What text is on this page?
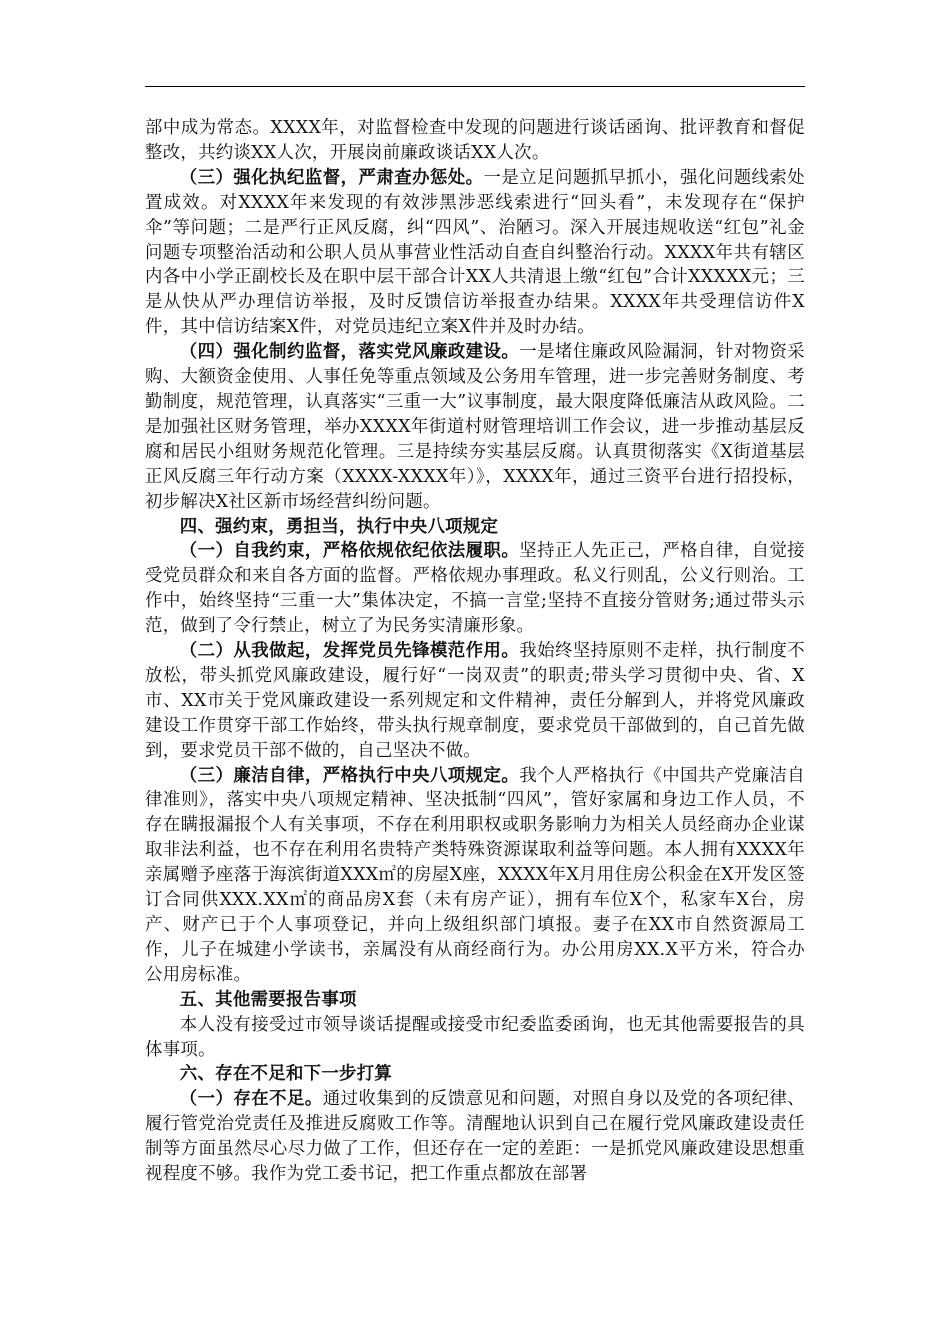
部中成为常态。XXXX年，对监督检查中发现的问题进行谈话函询、批评教育和督促整改，共约谈XX人次，开展岗前廉政谈话XX人次。

（三）强化执纪监督，严肃查办惩处。一是立足问题抓早抓小，强化问题线索处置成效。对XXXX年来发现的有效涉黑涉恶线索进行“回头看”，未发现存在“保护伞”等问题；二是严行正风反腐，纠“四风”、治陋习。深入开展违规收送“红包”礼金问题专项整治活动和公职人员从事营业性活动自查自纠整治行动。XXXX年共有辖区内各中小学正副校长及在职中层干部合计XX人共清退上缴“红包”合计XXXXX元；三是从快从严办理信访举报，及时反馈信访举报查办结果。XXXX年共受理信访件X件，其中信访结案X件，对党员违纪立案X件并及时办结。

（四）强化制约监督，落实党风廉政建设。一是堵住廉政风险漏洞，针对物资采购、大额资金使用、人事任免等重点领域及公务用车管理，进一步完善财务制度、考勤制度，规范管理，认真落实“三重一大”议事制度，最大限度降低廉洁从政风险。二是加强社区财务管理，举办XXXX年街道村财管理培训工作会议，进一步推动基层反腐和居民小组财务规范化管理。三是持续夯实基层反腐。认真贯彻落实《X街道基层正风反腐三年行动方案（XXXX-XXXX年）》，XXXX年，通过三资平台进行招投标，初步解决X社区新市场经营纠纷问题。

四、强约束，勇担当，执行中央八项规定

（一）自我约束，严格依规依纪依法履职。坚持正人先正己，严格自律，自觉接受党员群众和来自各方面的监督。严格依规办事理政。私义行则乱，公义行则治。工作中，始终坚持“三重一大”集体决定，不搞一言堂;坚持不直接分管财务;通过带头示范，做到了令行禁止，树立了为民务实清廉形象。

（二）从我做起，发挥党员先锋模范作用。我始终坚持原则不走样，执行制度不放松，带头抓党风廉政建设，履行好“一岗双责”的职责;带头学习贯彻中央、省、X市、XX市关于党风廉政建设一系列规定和文件精神，责任分解到人，并将党风廉政建设工作贯穿干部工作始终，带头执行规章制度，要求党员干部做到的，自己首先做到，要求党员干部不做的，自己坚决不做。

（三）廉洁自律，严格执行中央八项规定。我个人严格执行《中国共产党廉洁自律准则》，落实中央八项规定精神、坚决抵制“四风”，管好家属和身边工作人员，不存在瞒报漏报个人有关事项，不存在利用职权或职务影响力为相关人员经商办企业谋取非法利益，也不存在利用名贵特产类特殊资源谋取利益等问题。本人拥有XXXX年亲属赠予座落于海滨街道XXX㎡的房屋X座，XXXX年X月用住房公积金在X开发区签订合同供XXX.XX㎡的商品房X套（未有房产证），拥有车位X个，私家车X台，房产、财产已于个人事项登记，并向上级组织部门填报。妻子在XX市自然资源局工作，儿子在城建小学读书，亲属没有从商经商行为。办公用房XX.X平方米，符合办公用房标准。

五、其他需要报告事项

本人没有接受过市领导谈话提醒或接受市纪委监委函询，也无其他需要报告的具体事项。

六、存在不足和下一步打算

（一）存在不足。通过收集到的反馈意见和问题，对照自身以及党的各项纪律、履行管党治党责任及推进反腐败工作等。清醒地认识到自己在履行党风廉政建设责任制等方面虽然尽心尽力做了工作，但还存在一定的差距：一是抓党风廉政建设思想重视程度不够。我作为党工委书记，把工作重点都放在部署
